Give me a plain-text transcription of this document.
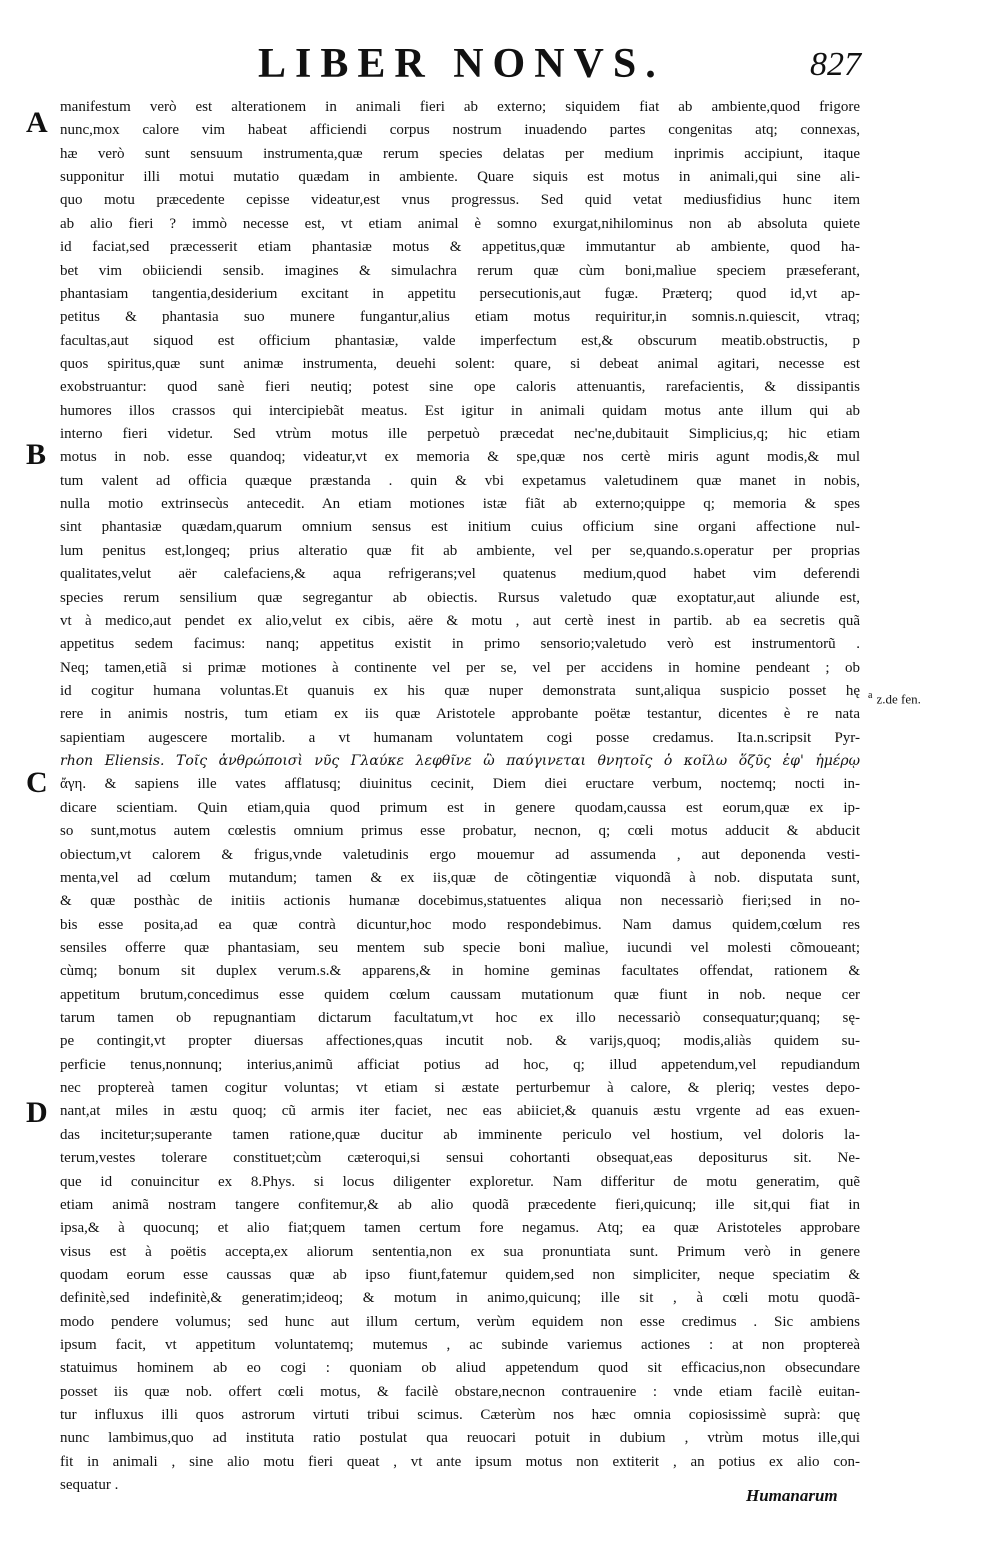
LIBER NONVS.	827
A
B
C
D
manifestum verò est alterationem in animali fieri ab externo; siquidem fiat ab ambiente,quod frigore
nunc,mox calore vim habeat afficiendi corpus nostrum inuadendo partes congenitas atq; connexas,
hæ verò sunt sensuum instrumenta,quæ rerum species delatas per medium inprimis accipiunt, itaque
supponitur illi motui mutatio quædam in ambiente. Quare siquis est motus in animali,qui sine ali-
quo motu præcedente cepisse videatur,est vnus progressus. Sed quid vetat mediusfidius hunc item
ab alio fieri ? immò necesse est, vt etiam animal è somno exurgat,nihilominus non ab absoluta quiete
id faciat,sed præcesserit etiam phantasiæ motus & appetitus,quæ immutantur ab ambiente, quod ha-
bet vim obiiciendi sensib. imagines & simulachra rerum quæ cùm boni,malìue speciem præseferant,
phantasiam tangentia,desiderium excitant in appetitu persecutionis,aut fugæ. Præterq; quod id,vt ap-
petitus & phantasia suo munere fungantur,alius etiam motus requiritur,in somnis.n.quiescit, vtraq;
facultas,aut siquod est officium phantasiæ, valde imperfectum est,& obscurum meatib.obstructis, p
quos spiritus,quæ sunt animæ instrumenta, deuehi solent: quare, si debeat animal agitari, necesse est
exobstruantur: quod sanè fieri neutiq; potest sine ope caloris attenuantis, rarefacientis, & dissipantis
humores illos crassos qui intercipiebãt meatus. Est igitur in animali quidam motus ante illum qui ab
interno fieri videtur. Sed vtrùm motus ille perpetuò præcedat nec'ne,dubitauit Simplicius,q; hic etiam
motus in nob. esse quandoq; videatur,vt ex memoria & spe,quæ nos certè miris agunt modis,& mul
tum valent ad officia quæque præstanda . quin & vbi expetamus valetudinem quæ manet in nobis,
nulla motio extrinsecùs antecedit. An etiam motiones istæ fiãt ab externo;quippe q; memoria & spes
sint phantasiæ quædam,quarum omnium sensus est initium cuius officium sine organi affectione nul-
lum penitus est,longeq; prius alteratio quæ fit ab ambiente, vel per se,quando.s.operatur per proprias
qualitates,velut aër calefaciens,& aqua refrigerans;vel quatenus medium,quod habet vim deferendi
species rerum sensilium quæ segregantur ab obiectis. Rursus valetudo quæ exoptatur,aut aliunde est,
vt à medico,aut pendet ex alio,velut ex cibis, aëre & motu , aut certè inest in partib. ab ea secretis quã
appetitus sedem facimus: nanq; appetitus existit in primo sensorio;valetudo verò est instrumentorũ .
Neq; tamen,etiã si primæ motiones à continente vel per se, vel per accidens in homine pendeant ; ob
id cogitur humana voluntas.Et quanuis ex his quæ nuper demonstrata sunt,aliqua suspicio posset hę
rere in animis nostris, tum etiam ex iis quæ Aristotele approbante poëtæ testantur, dicentes è re nata
sapientiam augescere mortalib. a vt humanam voluntatem cogi posse credamus. Ita.n.scripsit Pyr-
rhon Eliensis. Τοῖς ἀνθρώποισὶ νῦς Γλαύκε λεφθῖνε ὢ παύγινεται θνητοῖς ὁ κοῖλω ὅζῦς ἐφ' ἡμέρῳ
ἄγη. & sapiens ille vates afflatusq; diuinitus cecinit, Diem diei eructare verbum, noctemq; nocti in-
dicare scientiam. Quin etiam,quia quod primum est in genere quodam,caussa est eorum,quæ ex ip-
so sunt,motus autem cœlestis omnium primus esse probatur, necnon, q; cœli motus adducit & abducit
obiectum,vt calorem & frigus,vnde valetudinis ergo mouemur ad assumenda , aut deponenda vesti-
menta,vel ad cœlum mutandum; tamen & ex iis,quæ de cõtingentiæ viquondã à nob. disputata sunt,
& quæ posthàc de initiis actionis humanæ docebimus,statuentes aliqua non necessariò fieri;sed in no-
bis esse posita,ad ea quæ contrà dicuntur,hoc modo respondebimus. Nam damus quidem,cœlum res
sensiles offerre quæ phantasiam, seu mentem sub specie boni malìue, iucundi vel molesti cõmoueant;
cùmq; bonum sit duplex verum.s.& apparens,& in homine geminas facultates offendat, rationem &
appetitum brutum,concedimus esse quidem cœlum caussam mutationum quæ fiunt in nob. neque cer
tarum tamen ob repugnantiam dictarum facultatum,vt hoc ex illo necessariò consequatur;quanq; sę-
pe contingit,vt propter diuersas affectiones,quas incutit nob. & varijs,quoq; modis,aliàs quidem su-
perficie tenus,nonnunq; interius,animũ afficiat potius ad hoc, q; illud appetendum,vel repudiandum
nec proptereà tamen cogitur voluntas; vt etiam si æstate perturbemur à calore, & pleriq; vestes depo-
nant,at miles in æstu quoq; cũ armis iter faciet, nec eas abiiciet,& quanuis æstu vrgente ad eas exuen-
das incitetur;superante tamen ratione,quæ ducitur ab imminente periculo vel hostium, vel doloris la-
terum,vestes tolerare constituet;cùm cæteroqui,si sensui cohortanti obsequat,eas depositurus sit. Ne-
que id conuincitur ex 8.Phys. si locus diligenter exploretur. Nam differitur de motu generatim, quẽ
etiam animã nostram tangere confitemur,& ab alio quodã præcedente fieri,quicunq; ille sit,qui fiat in
ipsa,& à quocunq; et alio fiat;quem tamen certum fore negamus. Atq; ea quæ Aristoteles approbare
visus est à poëtis accepta,ex aliorum sententia,non ex sua pronuntiata sunt. Primum verò in genere
quodam eorum esse caussas quæ ab ipso fiunt,fatemur quidem,sed non simpliciter, neque speciatim &
definitè,sed indefinitè,& generatim;ideoq; & motum in animo,quicunq; ille sit , à cœli motu quodã-
modo pendere volumus; sed hunc aut illum certum, verùm equidem non esse credimus . Sic ambiens
ipsum facit, vt appetitum voluntatemq; mutemus , ac subinde variemus actiones : at non proptereà
statuimus hominem ab eo cogi : quoniam ob aliud appetendum quod sit efficacius,non obsecundare
posset iis quæ nob. offert cœli motus, & facilè obstare,necnon contrauenire : vnde etiam facilè euitan-
tur influxus illi quos astrorum virtuti tribui scimus. Cæterùm nos hæc omnia copiosissimè suprà: quę
nunc lambimus,quo ad instituta ratio postulat qua reuocari potuit in dubium , vtrùm motus ille,qui
fit in animali , sine alio motu fieri queat , vt ante ipsum motus non extiterit , an potius ex alio con-
sequatur .
$^a$ z.de fen.
Humanarum
